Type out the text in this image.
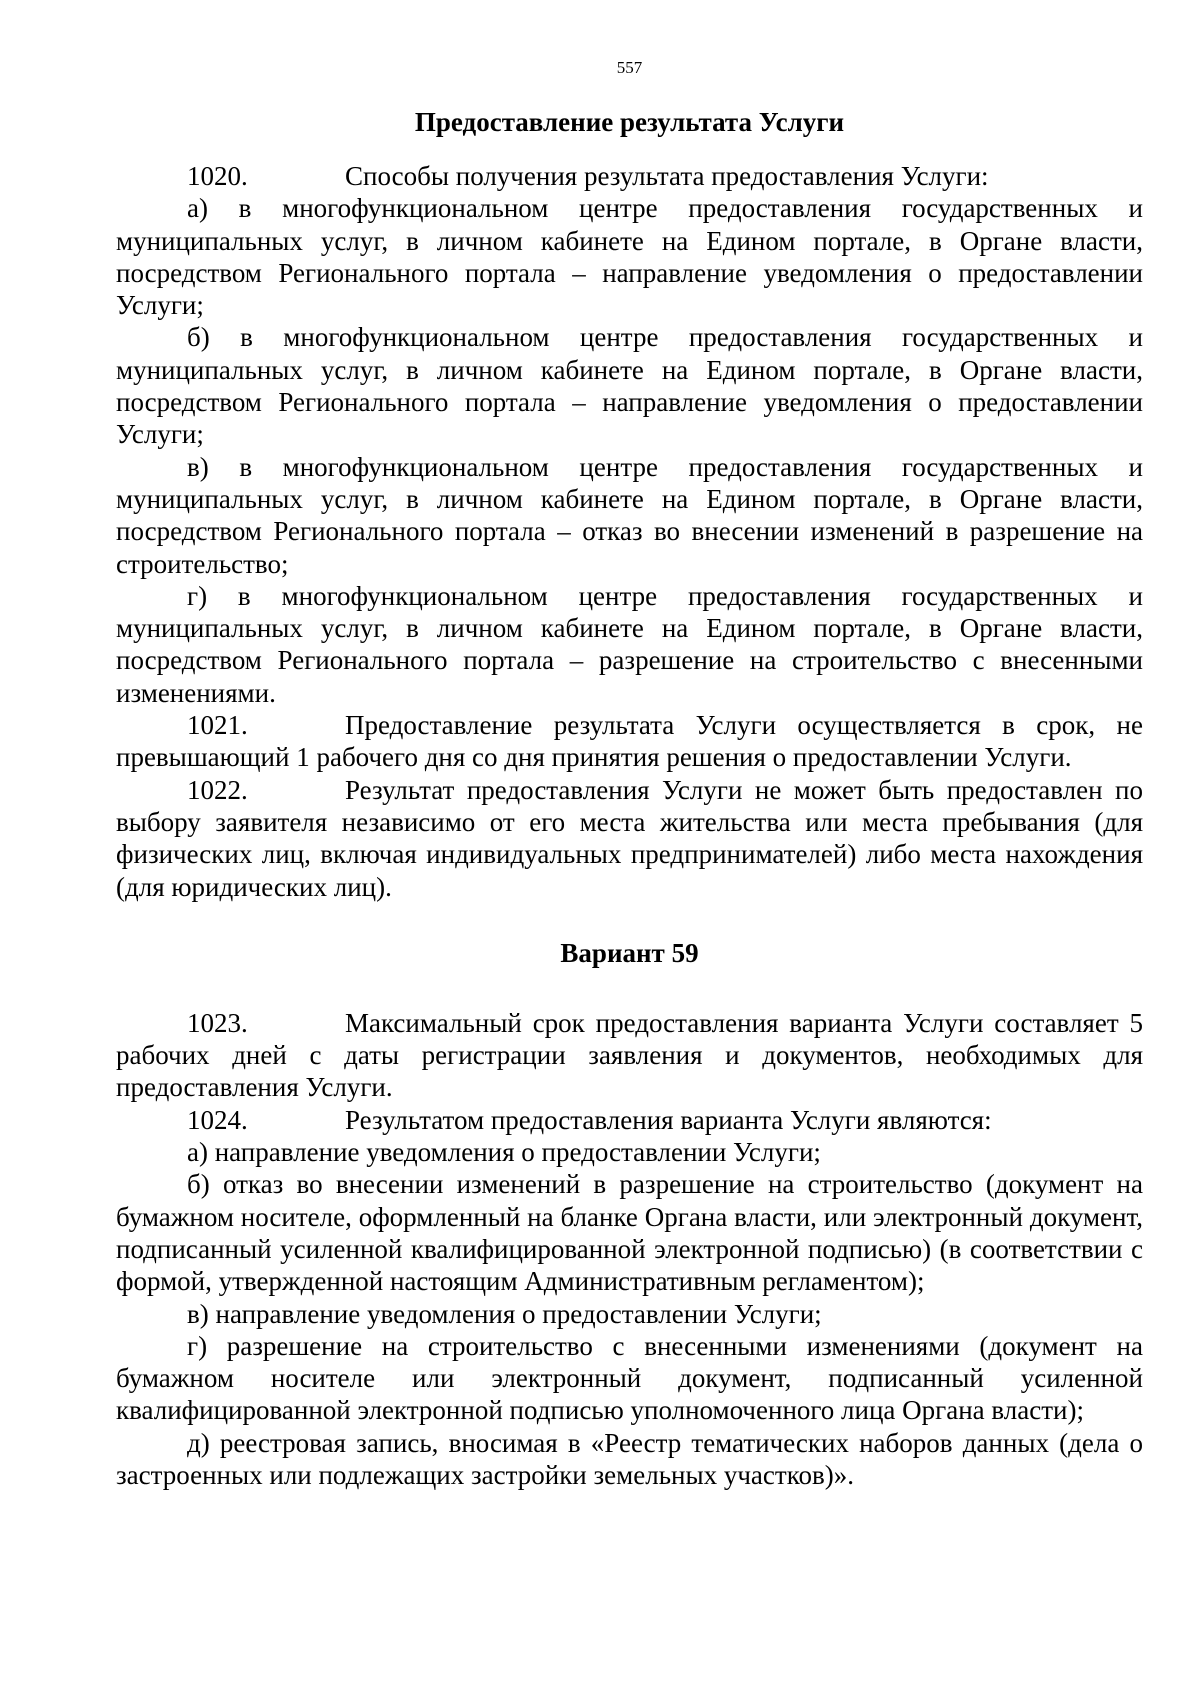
557
Предоставление результата Услуги

1020.	Способы получения результата предоставления Услуги:

а) в многофункциональном центре предоставления государственных и муниципальных услуг, в личном кабинете на Едином портале, в Органе власти, посредством Регионального портала – направление уведомления о предоставлении Услуги;

б) в многофункциональном центре предоставления государственных и муниципальных услуг, в личном кабинете на Едином портале, в Органе власти, посредством Регионального портала – направление уведомления о предоставлении Услуги;

в) в многофункциональном центре предоставления государственных и муниципальных услуг, в личном кабинете на Едином портале, в Органе власти, посредством Регионального портала – отказ во внесении изменений в разрешение на строительство;

г) в многофункциональном центре предоставления государственных и муниципальных услуг, в личном кабинете на Едином портале, в Органе власти, посредством Регионального портала – разрешение на строительство с внесенными изменениями.

1021.	Предоставление результата Услуги осуществляется в срок, не превышающий 1 рабочего дня со дня принятия решения о предоставлении Услуги.

1022.	Результат предоставления Услуги не может быть предоставлен по выбору заявителя независимо от его места жительства или места пребывания (для физических лиц, включая индивидуальных предпринимателей) либо места нахождения (для юридических лиц).

Вариант 59

1023.	Максимальный срок предоставления варианта Услуги составляет 5 рабочих дней с даты регистрации заявления и документов, необходимых для предоставления Услуги.

1024.	Результатом предоставления варианта Услуги являются:

а) направление уведомления о предоставлении Услуги;

б) отказ во внесении изменений в разрешение на строительство (документ на бумажном носителе, оформленный на бланке Органа власти, или электронный документ, подписанный усиленной квалифицированной электронной подписью) (в соответствии с формой, утвержденной настоящим Административным регламентом);

в) направление уведомления о предоставлении Услуги;

г) разрешение на строительство с внесенными изменениями (документ на бумажном носителе или электронный документ, подписанный усиленной квалифицированной электронной подписью уполномоченного лица Органа власти);

д) реестровая запись, вносимая в «Реестр тематических наборов данных (дела о застроенных или подлежащих застройки земельных участков)».
